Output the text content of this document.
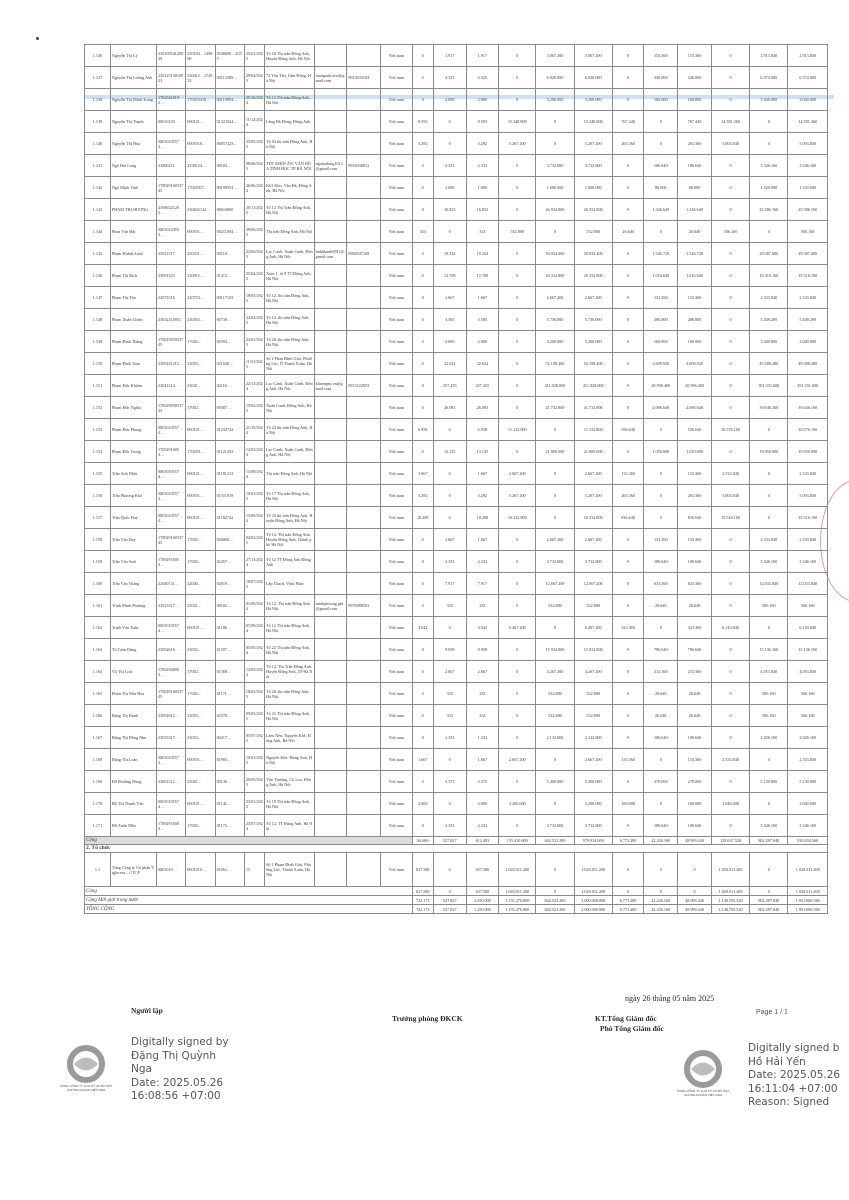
1.136	Nguyễn Thị Lý	23010054120049	230104…149860	0540600…4535	25/01/2025	Tổ 16 Thị trấn Đông Anh, Huyện Đông Anh, Hà Nội			Việt nam	0	1.917	1.917	0	3.067.200	3.067.200	0	153.360	153.360	0	2.913.840	2.913.840
1.137	Nguyễn Thị Lương Anh	23012313010023	230412…174933	00113389…	29/04/2025	73 Yên Tân, Lãm Đống, Hà Nội	luonganh.ntw@gmail.com	0913033104	Việt nam	0	4.325	4.325	0	6.920.000	6.920.000	0	346.000	346.000	0	6.574.000	6.574.000
1.138	Nguyễn Thị Minh Trang	17025410102…	170025410…	00119894…	25/10/2024	Tổ 12 Thị trấn Đông Anh, Hà Nội			Việt nam	0	2.000	2.000	0	3.200.000	3.200.000	0	160.000	160.000	0	3.040.000	3.040.000
1.139	Nguyễn Thị Thanh	00010105…	000101…	01321924…	11/12/2024	Làng Hà Đông, Đông Anh			Việt nam	9.593	0	9.593	15.348.800	0	15.348.800	767.440	0	767.440	14.581.360	0	14.581.360
1.140	Nguyễn Thị Hòa	00010105574…	0001010…	00057223…	25/05/2025	Tổ 04 thị trấn Đông Anh, Hà Nội			Việt nam	3.292	0	3.292	5.267.200	0	5.267.200	263.360	0	263.360	5.003.840	0	5.003.840
1.141	Ngô Hải Long	23000211	2190124…	00183…	08/06/2025	TDT KHỐI ÁN, VĂN HÓA TỈNH HỌC TP HÀ NỘI	ngohailong1012@gmail.com	0916030812	Việt nam	0	2.333	2.333	0	3.732.800	3.732.800	0	186.640	186.640	0	3.546.160	3.546.160
1.142	Ngô Minh Vinh	17002916053745	17002917…	00199554…	26/06/2024	Kh3 Kho, Vân Hà, Đông Anh, Hà Nội			Việt nam	0	1.000	1.000	0	1.600.000	1.600.000	0	80.000	80.000	0	1.520.000	1.520.000
1.143	PHẠM THỊ HƯƠNG	23066321262…	230602142…	08616800	20/11/2025	Tổ 12 Thị Trấn Đông Anh, Hà Nội			Việt nam	0	16.833	16.833	0	26.932.800	26.932.800	0	1.346.640	1.346.640	0	25.586.160	25.586.160
1.144	Phan Văn Hải	00010104553…	000101…	00211004…	29/06/2025	Thị trấn Đông Anh, Hà Nội			Việt nam	333	0	333	532.800	0	532.800	26.640	0	26.640	506.160	0	506.160
1.145	Phạm Khánh Linh	25021517	250331…	00110…	23/06/2025	Lạc Canh, Xuân Canh, Đông Anh, Hà Nội	linhkhanh0911@gmail.com	0982947168	Việt nam	0	19.334	19.334	0	30.934.400	30.934.400	0	1.546.720	1.546.720	0	29.387.680	29.387.680
1.146	Phạm Thị Bích	23091523	230915…	01413…	25/04/2025	Xóm 1, tổ 9 TT Đông Anh, Hà Nội			Việt nam	0	12.708	12.708	0	20.332.800	20.332.800	0	1.016.640	1.016.640	0	19.316.160	19.316.160
1.147	Phạm Thị Tần	22072316	220723…	00117103	19/03/2025	Tổ 12, thị trấn Đông Anh, Hà Nội			Việt nam	0	1.667	1.667	0	2.667.200	2.667.200	0	133.360	133.360	0	2.533.840	2.533.840
1.148	Phạm Xuân Chiến	23032310051	230303…	00730…	24/04/2025	Tổ 12, thị trấn Đông Anh, Hà Nội			Việt nam	0	3.585	3.585	0	5.736.000	5.736.000	0	286.800	286.800	0	5.449.200	5.449.200
1.149	Phạm Đình Thắng	17002505053745	17002…	00393…	23/01/2025	Tổ 20, thị trấn Đông Anh, Hà Nội			Việt nam	0	2.000	2.000	0	3.200.000	3.200.000	0	160.000	160.000	0	3.040.000	3.040.000
1.150	Phạm Đình Toản	2305241215…	23052…	021640…	11/01/2025	Số 1 Phan Đình Giót, Phường Lộc, Ô Thanh Xuân, Hà Nội			Việt nam	0	32.624	32.624	0	52.198.400	52.198.400	0	2.609.920	2.609.920	0	49.588.480	49.588.480
1.151	Phạm Đức Khiêm	23041214…	23041…	02116…	22/11/2024	Lạc Canh, Xuân Canh, Đông Anh, Hà Nội	khiempm.vn@gmail.com	0913222953	Việt nam	0	257.455	257.455	0	411.928.000	411.928.000	0	20.596.400	20.596.400	0	391.331.600	391.331.600
1.152	Phạm Đức Nghĩa	17002905053745	17002…	00507…	15/02/2025	Xuân Canh, Đông Anh, Hà Nội			Việt nam	0	26.083	26.083	0	41.732.800	41.732.800	0	2.086.640	2.086.640	0	39.646.160	39.646.160
1.153	Phạm Đức Phong	00010105574…	000101…	01232742	21/10/2024	Tổ 24 thị trấn Đông Anh, Hà Nội			Việt nam	6.958	0	6.958	11.132.800	0	11.132.800	556.640	0	556.640	10.576.160	0	10.576.160
1.154	Phạm Đức Trung	17002916053…	170029…	01121432	12/05/2024	Lạc Canh, Xuân Canh, Đông Anh, Hà Nội			Việt nam	0	13.125	13.125	0	21.000.000	21.000.000	0	1.050.000	1.050.000	0	19.950.000	19.950.000
1.155	Trần Anh Nhất	00010105574…	000101…	01181213	13/09/2024	Thị trấn Đông Anh, Hà Nội			Việt nam	1.667	0	1.667	2.667.200	0	2.667.200	133.360	0	133.360	2.533.840	0	2.533.840
1.156	Trần Phương Khá	00010105574…	000101…	01311819	10/01/2025	Tổ 17 Thị trấn Đông Anh, Hà Nội			Việt nam	3.292	0	3.292	5.267.200	0	5.267.200	263.360	0	263.360	5.003.840	0	5.003.840
1.157	Trần Quốc Huy	00010105574…	000101…	01182742	13/09/2024	Tổ 32 thị trấn Đông Anh, Huyện Đông Anh, Hà Nội			Việt nam	10.208	0	10.208	16.332.800	0	16.332.800	816.640	0	816.640	15.516.160	0	15.516.160
1.158	Trần Văn Duy	17002916053745	17002…	026800…	04/03/2025	Tổ 12, Thị trấn Đông Anh, Huyện Đông Anh, Thành phố Hà Nội			Việt nam	0	1.667	1.667	0	2.667.200	2.667.200	0	133.360	133.360	0	2.533.840	2.533.840
1.159	Trần Văn Soát	17002916053…	17002…	02457…	27/11/2024	Tổ 12 TT Đông Anh Đông Anh			Việt nam	0	2.333	2.333	0	3.732.800	3.732.800	0	186.640	186.640	0	3.546.160	3.546.160
1.160	Trần Văn Thắng	22040131…	22040…	02619…	18/07/2025	Lập Thạch, Vĩnh Phúc			Việt nam	0	7.917	7.917	0	12.667.200	12.667.200	0	633.360	633.360	0	12.033.840	12.033.840
1.161	Trịnh Minh Phương	23021617…	23021…	00182…	01/09/2024	Tổ 12, Thị trấn Đông Anh, Hà Nội	minhphuong.gtd@gmail.com	0976088503	Việt nam	0	333	333	0	532.800	532.800	0	26.640	26.640	0	506.160	506.160
1.162	Trịnh Văn Tuấn	00010105574…	000101…	01186…	07/09/2024	Tổ 12 Thị trấn Đông Anh, Hà Nội			Việt nam	4.042	0	4.042	6.467.200	0	6.467.200	323.360	0	323.360	6.143.840	0	6.143.840
1.163	Tô Tuấn Dũng	23052616…	23052…	01507…	05/05/2024	Tổ 22 Thị trấn Đông Anh, Hà Nội			Việt nam	0	9.958	9.958	0	15.932.800	15.932.800	0	796.640	796.640	0	15.136.160	15.136.160
1.164	Vũ Thị Lịch	17002946003…	17002…	01368…	12/05/2024	Tổ 12, Thị Trấn Đông Anh, Huyện Đông Anh, TP Hà Nội			Việt nam	0	2.667	2.667	0	4.267.200	4.267.200	0	213.360	213.360	0	4.053.840	4.053.840
1.165	Đoàn Thị Như Hoa	17002916053745	17002…	01171…	18/03/2025	Tổ 20, thị trấn Đông Anh, Hà Nội			Việt nam	0	333	333	0	532.800	532.800	0	26.640	26.640	0	506.160	506.160
1.166	Đặng Thị Hạnh	23052612…	23052…	02578…	05/05/2025	Tổ 21 Thị trấn Đông Anh, Hà Nội			Việt nam	0	333	333	0	532.800	532.800	0	26.640	26.640	0	506.160	506.160
1.167	Đặng Thị Hồng Nhu	23053317…	23053…	00417…	05/07/2025	Làm Tiên, Nguyên Khê, Đông Anh, Hà Nội			Việt nam	0	1.333	1.333	0	2.132.800	2.132.800	0	106.640	106.640	0	2.026.160	2.026.160
1.168	Đặng Thị Loan	00010105574…	000101…	01983…	10/01/2025	Nguyên Khê, Đông Anh, Hà Nội			Việt nam	1.667	0	1.667	2.667.200	0	2.667.200	133.360	0	133.360	2.533.840	0	2.533.840
1.169	Đỗ Phương Dung	23061512…	23061…	00130…	26/05/2025	Vân Thượng, Cổ Loa, Đông Anh, Hà Nội			Việt nam	0	3.375	3.375	0	5.400.000	5.400.000	0	270.000	270.000	0	5.130.000	5.130.000
1.170	Đỗ Thị Thanh Vân	00010105574…	000101…	01141…	23/01/2025	Tổ 19 Thị trấn Đông Anh, Hà Nội			Việt nam	2.000	0	2.000	3.200.000	0	3.200.000	160.000	0	160.000	3.040.000	0	3.040.000
1.171	Đỗ Xuân Mão	17002916003…	17002…	01175…	23/07/2024	Tổ 12, TT Đông Anh, Hà Nội			Việt nam	0	2.333	2.333	0	3.732.800	3.732.800	0	186.640	186.640	0	3.546.160	3.546.160
Cộng										84.606	527.827	612.493	135.410.800	844.523.200	979.934.000	6.773.280	42.226.160	48.999.440	128.637.520	802.297.040	930.934.560
2. Tổ chức																					
1.1	Tổng Công ty Cổ phần Viglacera – CTCP	0001010…	0001010…	01061…	15	Số 1 Phạm Đình Giót, Phường Lộc, Thanh Xuân, Hà Nội			Việt nam	637.580	0	637.580	1.020.011.200	0	1.020.011.200	0	0	0	1.020.011.200	0	1.020.011.200
Cộng										637.580	0	637.580	1.020.011.200	0	1.020.011.200	0	0	0	1.020.011.200	0	1.020.011.200
Cộng Mời giới trong nước										722.173	527.827	1.250.000	1.155.476.800	844.523.200	2.000.000.000	6.773.280	42.226.160	48.999.440	1.148.703.520	802.297.040	1.951.000.560
TỔNG CỘNG										722.173	527.827	1.250.000	1.155.476.800	844.523.200	2.000.000.000	6.773.280	42.226.160	48.999.440	1.148.703.520	802.297.040	1.951.000.560
ngày 26 tháng 05 năm 2025
Người lập
Trưởng phòng ĐKCK	KT.Tổng Giám đốc
Phó Tổng Giám đốc
Page 1 / 1
TỔNG CÔNG TY LƯU KÝ VÀ BÙ TRỪ CHỨNG KHOÁN VIỆT NAM
Digitally signed by
Đặng Thị Quỳnh
Nga
Date: 2025.05.26
16:08:56 +07:00	TỔNG CÔNG TY LƯU KÝ VÀ BÙ TRỪ CHỨNG KHOÁN VIỆT NAM
Digitally signed b
Hồ Hải Yến
Date: 2025.05.26
16:11:04 +07:00
Reason: Signed
